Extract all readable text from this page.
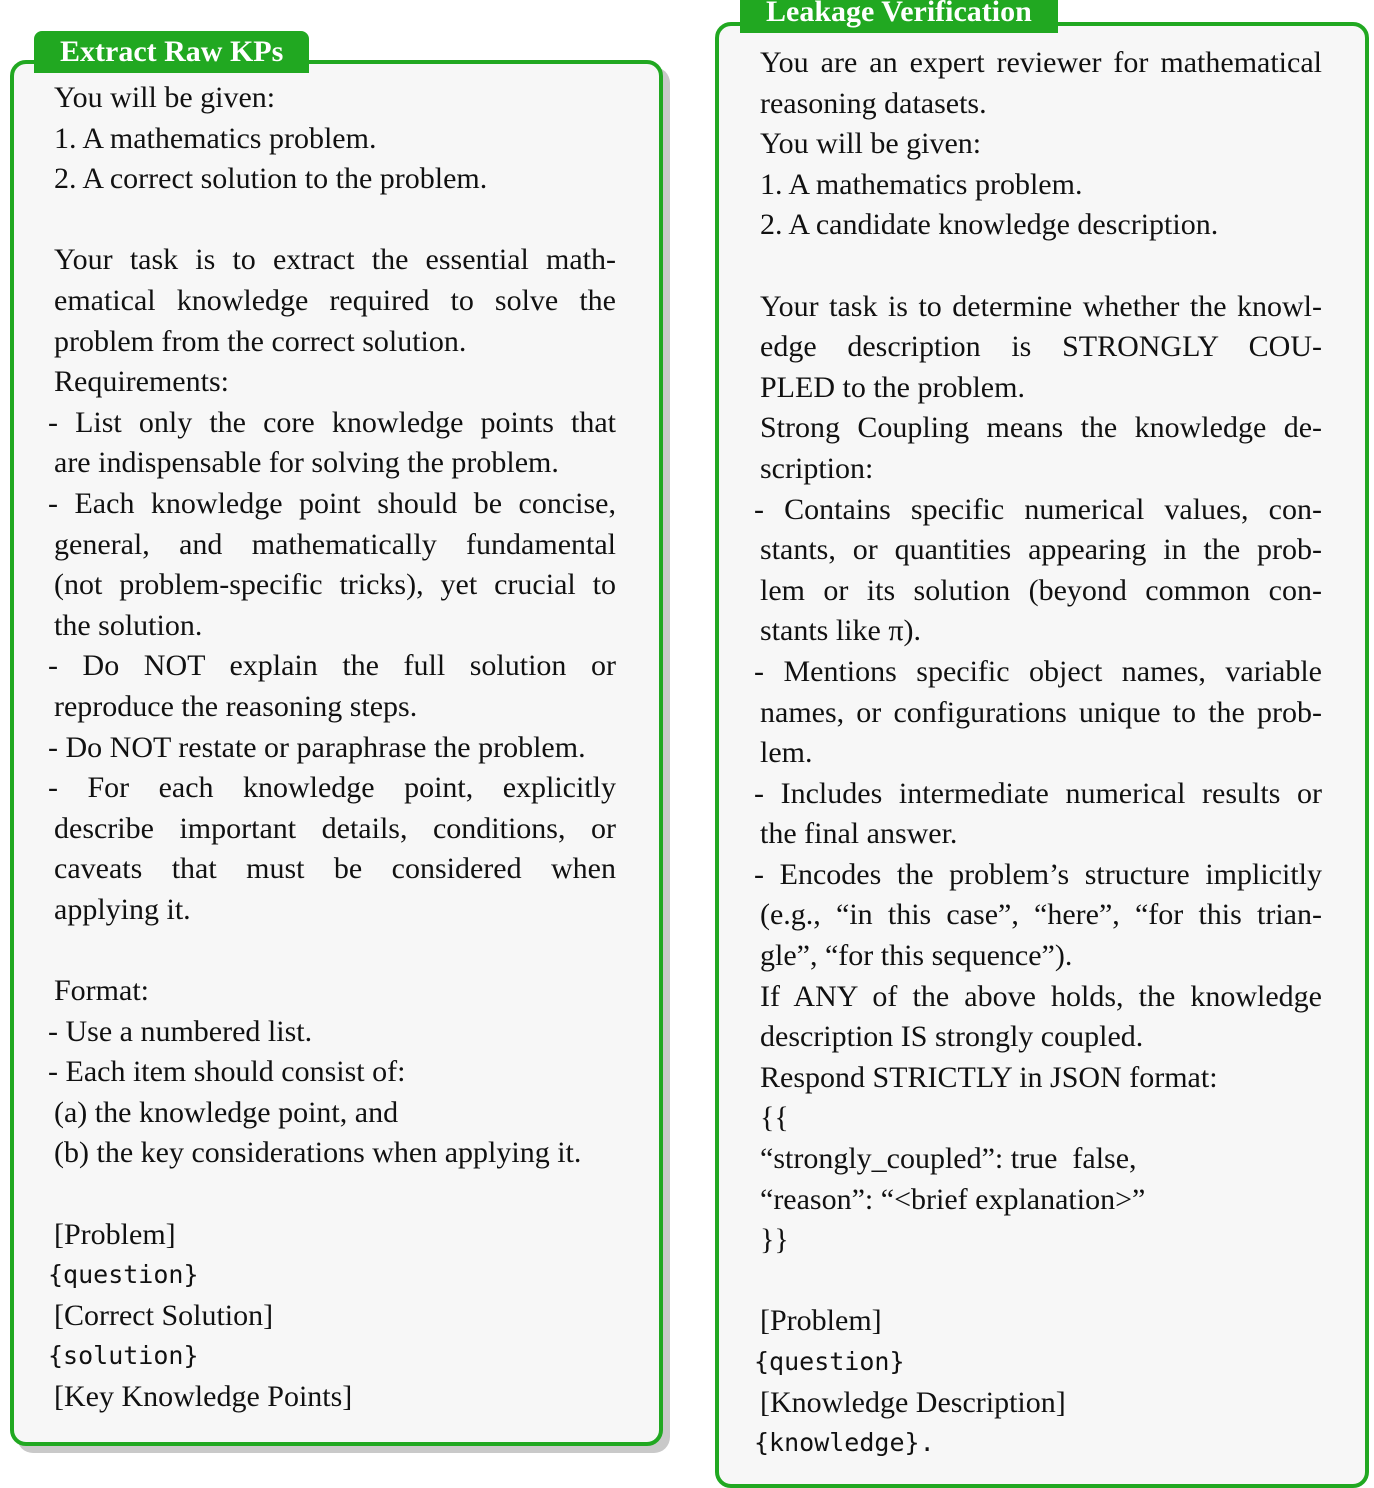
Extract Raw KPs
You will be given:
1. A mathematics problem.
2. A correct solution to the problem.
Your task is to extract the essential math-
ematical knowledge required to solve the
problem from the correct solution.
Requirements:
- List only the core knowledge points that
are indispensable for solving the problem.
- Each knowledge point should be concise,
general, and mathematically fundamental
(not problem-specific tricks), yet crucial to
the solution.
- Do NOT explain the full solution or
reproduce the reasoning steps.
- Do NOT restate or paraphrase the problem.
- For each knowledge point, explicitly
describe important details, conditions, or
caveats that must be considered when
applying it.
Format:
- Use a numbered list.
- Each item should consist of:
(a) the knowledge point, and
(b) the key considerations when applying it.
[Problem]
{question}
[Correct Solution]
{solution}
[Key Knowledge Points]
Leakage Verification
You are an expert reviewer for mathematical
reasoning datasets.
You will be given:
1. A mathematics problem.
2. A candidate knowledge description.
Your task is to determine whether the knowl-
edge description is STRONGLY COU-
PLED to the problem.
Strong Coupling means the knowledge de-
scription:
- Contains specific numerical values, con-
stants, or quantities appearing in the prob-
lem or its solution (beyond common con-
stants like π).
- Mentions specific object names, variable
names, or configurations unique to the prob-
lem.
- Includes intermediate numerical results or
the final answer.
- Encodes the problem’s structure implicitly
(e.g., “in this case”, “here”, “for this trian-
gle”, “for this sequence”).
If ANY of the above holds, the knowledge
description IS strongly coupled.
Respond STRICTLY in JSON format:
{{
“strongly_coupled”: true  false,
“reason”: “<brief explanation>”
}}
[Problem]
{question}
[Knowledge Description]
{knowledge}.
